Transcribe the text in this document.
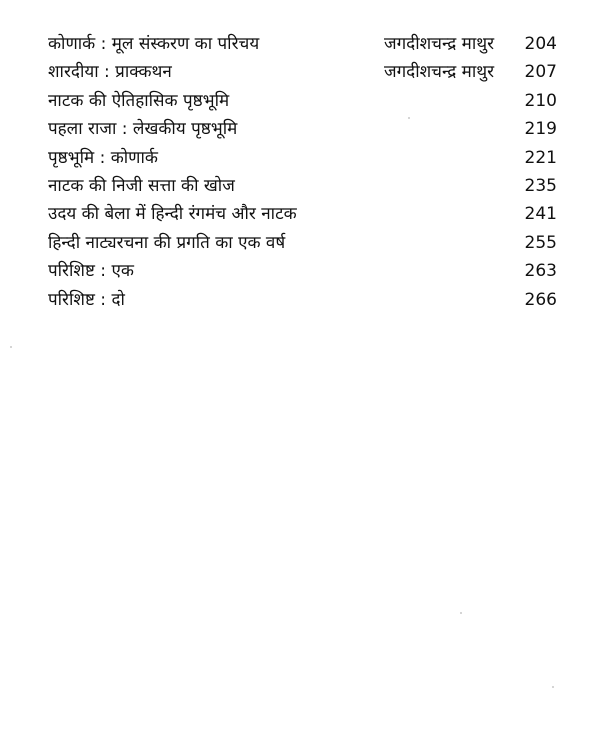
कोणार्क : मूल संस्करण का परिचय	जगदीशचन्द्र माथुर 204
शारदीया : प्राक्कथन	जगदीशचन्द्र माथुर 207
नाटक की ऐतिहासिक पृष्ठभूमि	210
पहला राजा : लेखकीय पृष्ठभूमि	219
पृष्ठभूमि : कोणार्क	221
नाटक की निजी सत्ता की खोज	235
उदय की बेला में हिन्दी रंगमंच और नाटक	241
हिन्दी नाट्यरचना की प्रगति का एक वर्ष	255
परिशिष्ट : एक	263
परिशिष्ट : दो	266
